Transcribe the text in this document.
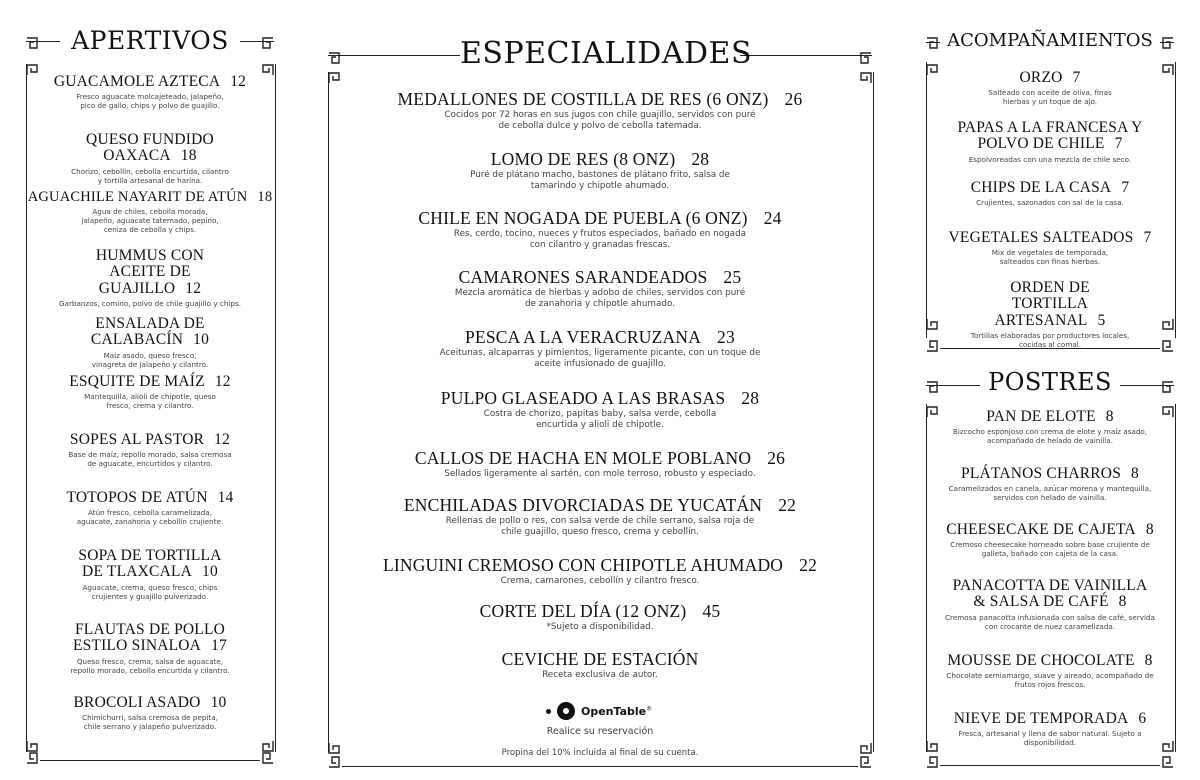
APERTIVOS
GUACAMOLE AZTECA 12
Fresco aguacate molcajeteado, jalapeño, pico de gallo, chips y polvo de guajillo.
QUESO FUNDIDO OAXACA 18
Chorizo, cebollín, cebolla encurtida, cilantro y tortilla artesanal de harina.
AGUACHILE NAYARIT DE ATÚN 18
Agua de chiles, cebolla morada, jalapeño, aguacate tatemado, pepino, ceniza de cebolla y chips.
HUMMUS CON ACEITE DE GUAJILLO 12
Garbanzos, comino, polvo de chile guajillo y chips.
ENSALADA DE CALABACÍN 10
Maíz asado, queso fresco, vinagreta de jalapeño y cilantro.
ESQUITE DE MAÍZ 12
Mantequilla, alioli de chipotle, queso fresco, crema y cilantro.
SOPES AL PASTOR 12
Base de maíz, repollo morado, salsa cremosa de aguacate, encurtidos y cilantro.
TOTOPOS DE ATÚN 14
Atún fresco, cebolla caramelizada, aguacate, zanahoria y cebollín crujiente.
SOPA DE TORTILLA DE TLAXCALA 10
Aguacate, crema, queso fresco, chips crujientes y guajillo pulverizado.
FLAUTAS DE POLLO ESTILO SINALOA 17
Queso fresco, crema, salsa de aguacate, repollo morado, cebolla encurtida y cilantro.
BROCOLI ASADO 10
Chimichurri, salsa cremosa de pepita, chile serrano y jalapeño pulverizado.
ESPECIALIDADES
MEDALLONES DE COSTILLA DE RES (6 ONZ) 26
Cocidos por 72 horas en sus jugos con chile guajillo, servidos con puré de cebolla dulce y polvo de cebolla tatemada.
LOMO DE RES (8 ONZ) 28
Puré de plátano macho, bastones de plátano frito, salsa de tamarindo y chipotle ahumado.
CHILE EN NOGADA DE PUEBLA (6 ONZ) 24
Res, cerdo, tocino, nueces y frutos especiados, bañado en nogada con cilantro y granadas frescas.
CAMARONES SARANDEADOS 25
Mezcla aromática de hierbas y adobo de chiles, servidos con puré de zanahoria y chipotle ahumado.
PESCA A LA VERACRUZANA 23
Aceitunas, alcaparras y pimientos, ligeramente picante, con un toque de aceite infusionado de guajillo.
PULPO GLASEADO A LAS BRASAS 28
Costra de chorizo, papitas baby, salsa verde, cebolla encurtida y alioli de chipotle.
CALLOS DE HACHA EN MOLE POBLANO 26
Sellados ligeramente al sartén, con mole terroso, robusto y especiado.
ENCHILADAS DIVORCIADAS DE YUCATÁN 22
Rellenas de pollo o res, con salsa verde de chile serrano, salsa roja de chile guajillo, queso fresco, crema y cebollín.
LINGUINI CREMOSO CON CHIPOTLE AHUMADO 22
Crema, camarones, cebollín y cilantro fresco.
CORTE DEL DÍA (12 ONZ) 45
*Sujeto a disponibilidad.
CEVICHE DE ESTACIÓN
Receta exclusiva de autor.
OpenTable®
Realice su reservación
Propina del 10% incluida al final de su cuenta.
ACOMPAÑAMIENTOS
ORZO 7
Salteado con aceite de oliva, finas hierbas y un toque de ajo.
PAPAS A LA FRANCESA Y POLVO DE CHILE 7
Espolvoreadas con una mezcla de chile seco.
CHIPS DE LA CASA 7
Crujientes, sazonados con sal de la casa.
VEGETALES SALTEADOS 7
Mix de vegetales de temporada, salteados con finas hierbas.
ORDEN DE TORTILLA ARTESANAL 5
Tortillas elaboradas por productores locales, cocidas al comal.
POSTRES
PAN DE ELOTE 8
Bizcocho esponjoso con crema de elote y maíz asado, acompañado de helado de vainilla.
PLÁTANOS CHARROS 8
Caramelizados en canela, azúcar morena y mantequilla, servidos con helado de vainilla.
CHEESECAKE DE CAJETA 8
Cremoso cheesecake horneado sobre base crujiente de galleta, bañado con cajeta de la casa.
PANACOTTA DE VAINILLA & SALSA DE CAFÉ 8
Cremosa panacotta infusionada con salsa de café, servida con crocante de nuez caramelizada.
MOUSSE DE CHOCOLATE 8
Chocolate semiamargo, suave y aireado, acompañado de frutos rojos frescos.
NIEVE DE TEMPORADA 6
Fresca, artesanal y llena de sabor natural. Sujeto a disponibilidad.
